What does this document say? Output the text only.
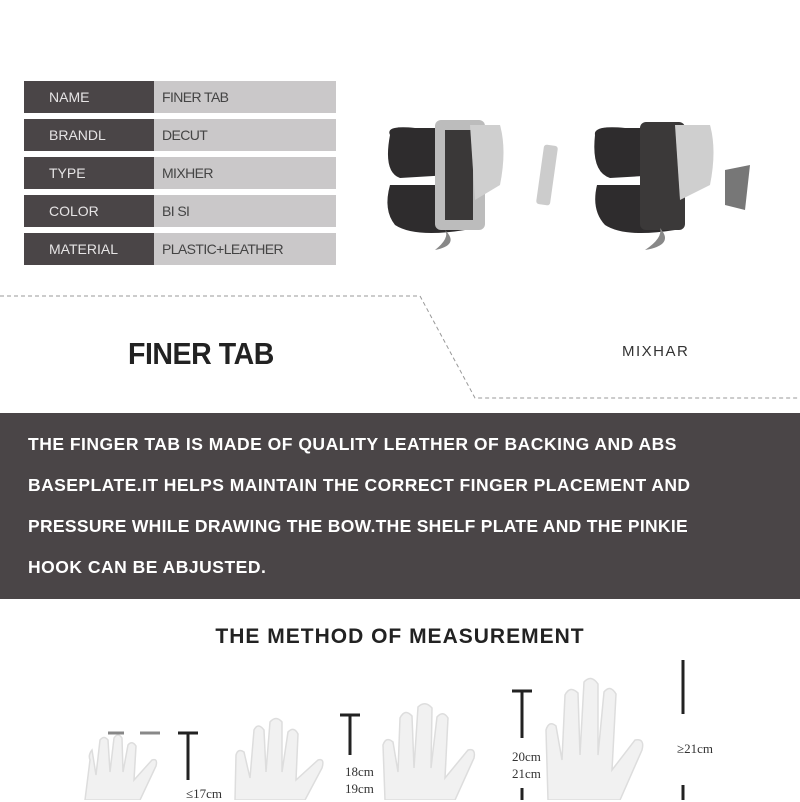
NAME	FINER TAB
BRANDL	DECUT
TYPE	MIXHER
COLOR	BI SI
MATERIAL	PLASTIC+LEATHER
FINER TAB	MIXHAR
THE FINGER TAB IS MADE OF QUALITY LEATHER OF BACKING AND ABS
BASEPLATE.IT HELPS MAINTAIN THE CORRECT FINGER PLACEMENT AND
PRESSURE WHILE DRAWING THE BOW.THE SHELF PLATE AND THE PINKIE
HOOK CAN BE ABJUSTED.
THE METHOD OF MEASUREMENT
≤17cm
18cm
19cm
20cm
21cm
≥21cm
